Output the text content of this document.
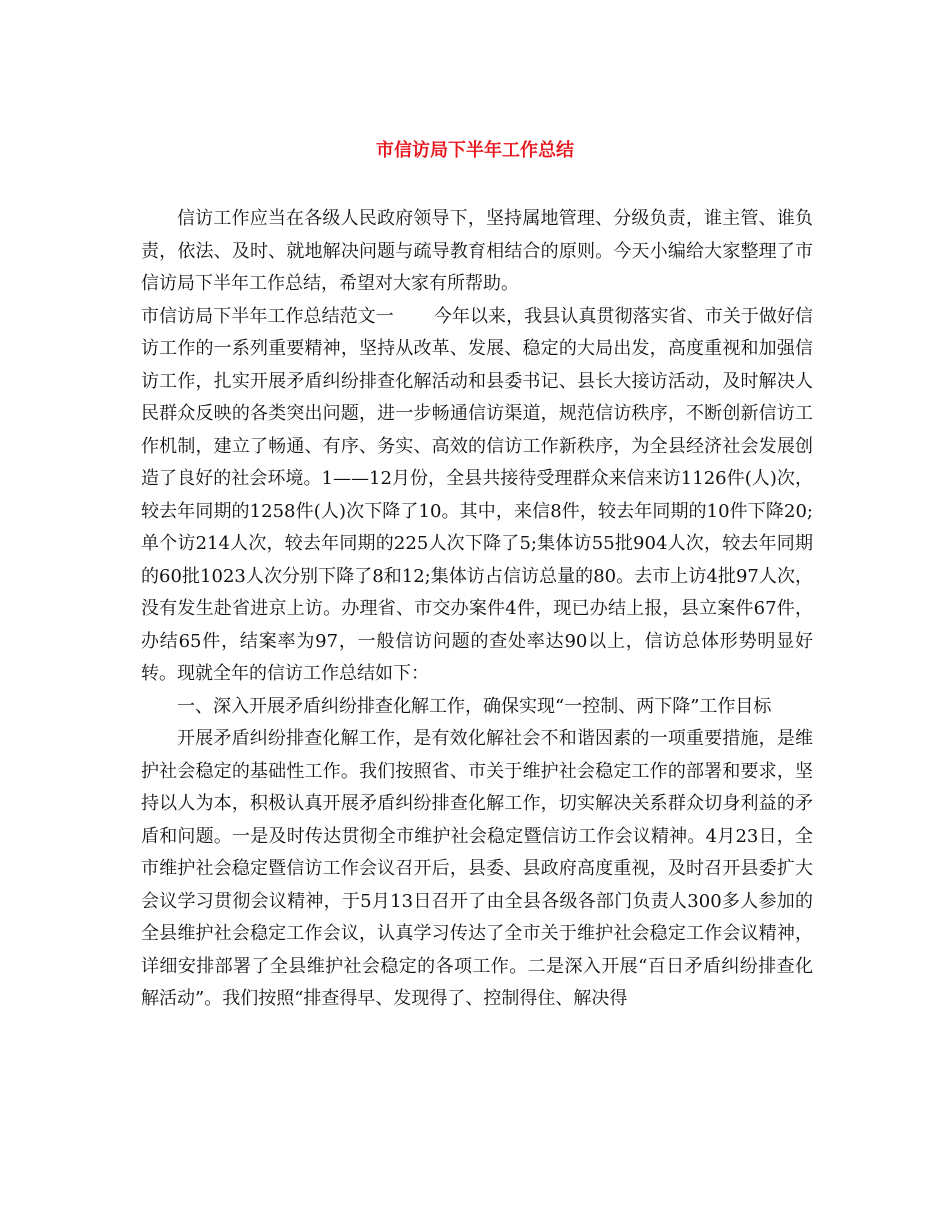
市信访局下半年工作总结

信访工作应当在各级人民政府领导下，坚持属地管理、分级负责，谁主管、谁负责，依法、及时、就地解决问题与疏导教育相结合的原则。今天小编给大家整理了市信访局下半年工作总结，希望对大家有所帮助。

市信访局下半年工作总结范文一 今年以来，我县认真贯彻落实省、市关于做好信访工作的一系列重要精神，坚持从改革、发展、稳定的大局出发，高度重视和加强信访工作，扎实开展矛盾纠纷排查化解活动和县委书记、县长大接访活动，及时解决人民群众反映的各类突出问题，进一步畅通信访渠道，规范信访秩序，不断创新信访工作机制，建立了畅通、有序、务实、高效的信访工作新秩序，为全县经济社会发展创造了良好的社会环境。1——12月份，全县共接待受理群众来信来访1126件(人)次，较去年同期的1258件(人)次下降了10。其中，来信8件，较去年同期的10件下降20;单个访214人次，较去年同期的225人次下降了5;集体访55批904人次，较去年同期的60批1023人次分别下降了8和12;集体访占信访总量的80。去市上访4批97人次，没有发生赴省进京上访。办理省、市交办案件4件，现已办结上报，县立案件67件，办结65件，结案率为97，一般信访问题的查处率达90以上，信访总体形势明显好转。现就全年的信访工作总结如下：

一、深入开展矛盾纠纷排查化解工作，确保实现“一控制、两下降”工作目标

开展矛盾纠纷排查化解工作，是有效化解社会不和谐因素的一项重要措施，是维护社会稳定的基础性工作。我们按照省、市关于维护社会稳定工作的部署和要求，坚持以人为本，积极认真开展矛盾纠纷排查化解工作，切实解决关系群众切身利益的矛盾和问题。一是及时传达贯彻全市维护社会稳定暨信访工作会议精神。4月23日，全市维护社会稳定暨信访工作会议召开后，县委、县政府高度重视，及时召开县委扩大会议学习贯彻会议精神，于5月13日召开了由全县各级各部门负责人300多人参加的全县维护社会稳定工作会议，认真学习传达了全市关于维护社会稳定工作会议精神，详细安排部署了全县维护社会稳定的各项工作。二是深入开展“百日矛盾纠纷排查化解活动”。我们按照“排查得早、发现得了、控制得住、解决得
